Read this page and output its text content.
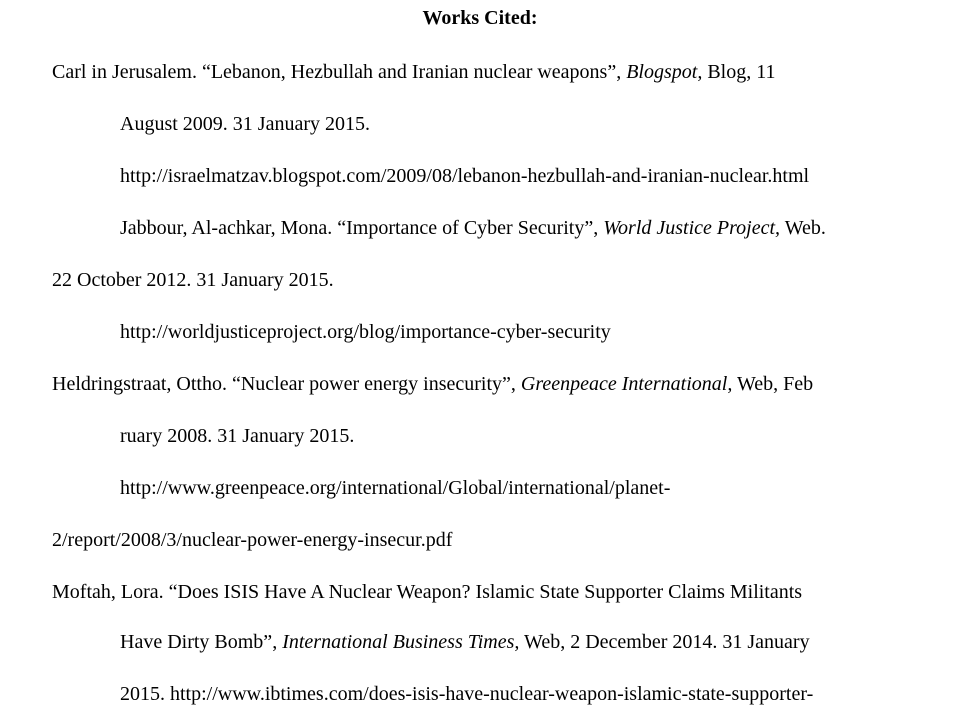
Works Cited:
Carl in Jerusalem. “Lebanon, Hezbullah and Iranian nuclear weapons”, Blogspot, Blog, 11
August 2009. 31 January 2015.
http://israelmatzav.blogspot.com/2009/08/lebanon-hezbullah-and-iranian-nuclear.html
Jabbour, Al-achkar, Mona. “Importance of Cyber Security”, World Justice Project, Web.
22 October 2012. 31 January 2015.
http://worldjusticeproject.org/blog/importance-cyber-security
Heldringstraat, Ottho. “Nuclear power energy insecurity”, Greenpeace International, Web, Feb
ruary 2008. 31 January 2015.
http://www.greenpeace.org/international/Global/international/planet-
2/report/2008/3/nuclear-power-energy-insecur.pdf
Moftah, Lora. “Does ISIS Have A Nuclear Weapon? Islamic State Supporter Claims Militants
Have Dirty Bomb”, International Business Times, Web, 2 December 2014. 31 January
2015. http://www.ibtimes.com/does-isis-have-nuclear-weapon-islamic-state-supporter-
